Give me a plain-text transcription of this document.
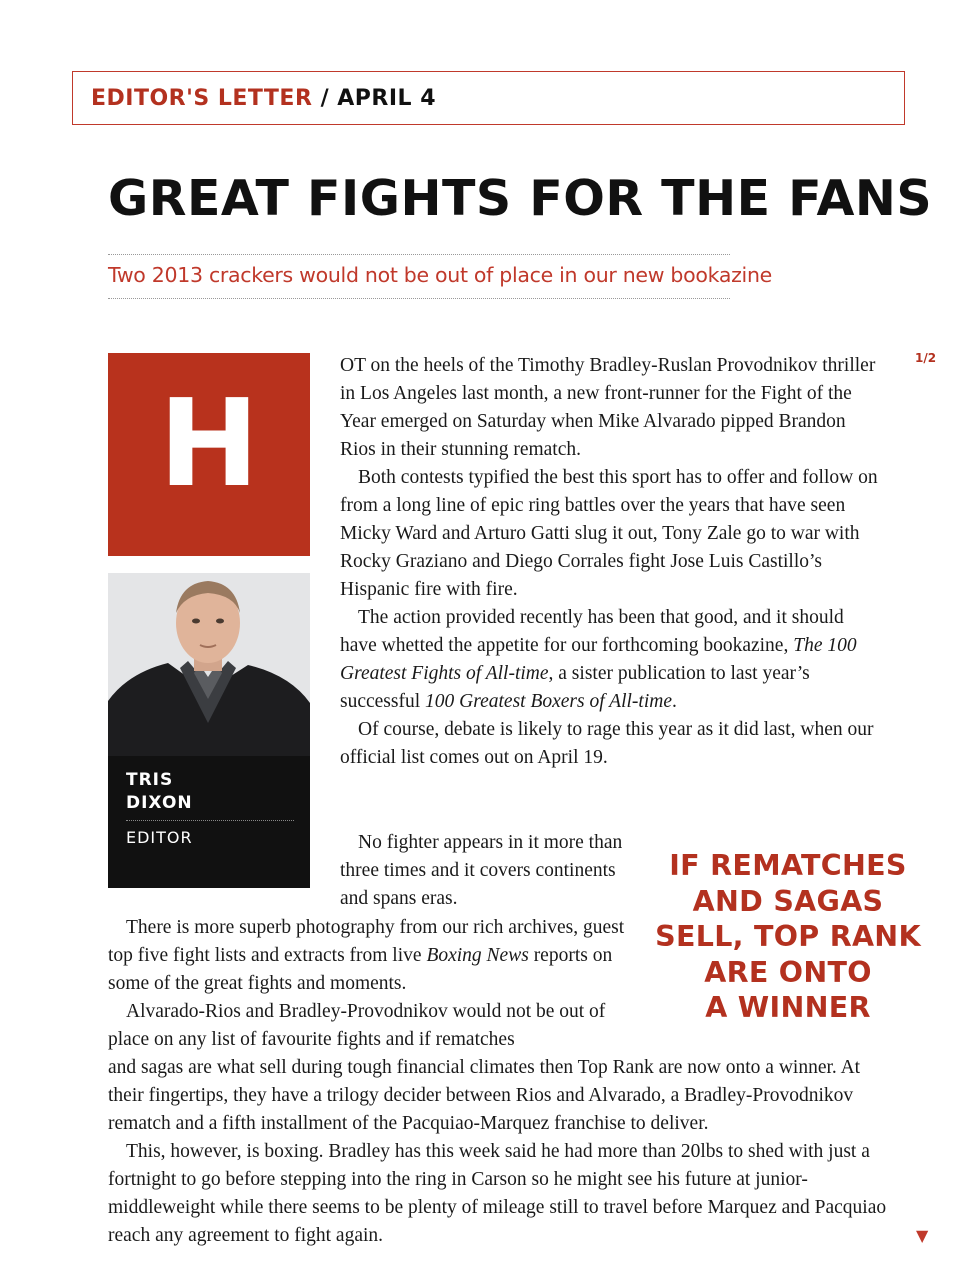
EDITOR'S LETTER / APRIL 4
GREAT FIGHTS FOR THE FANS
Two 2013 crackers would not be out of place in our new bookazine
1/2
H
TRIS
DIXON
EDITOR

OT on the heels of the Timothy Bradley-Ruslan Provodnikov thriller in Los Angeles last month, a new front-runner for the Fight of the Year emerged on Saturday when Mike Alvarado pipped Brandon Rios in their stunning rematch.

Both contests typified the best this sport has to offer and follow on from a long line of epic ring battles over the years that have seen Micky Ward and Arturo Gatti slug it out, Tony Zale go to war with Rocky Graziano and Diego Corrales fight Jose Luis Castillo’s Hispanic fire with fire.

The action provided recently has been that good, and it should have whetted the appetite for our forthcoming bookazine, The 100 Greatest Fights of All-time, a sister publication to last year’s successful 100 Greatest Boxers of All-time.

Of course, debate is likely to rage this year as it did last, when our official list comes out on April 19.

No fighter appears in it more than three times and it covers continents and spans eras.

There is more superb photography from our rich archives, guest top five fight lists and extracts from live Boxing News reports on some of the great fights and moments.

Alvarado-Rios and Bradley-Provodnikov would not be out of place on any list of favourite fights and if rematches

and sagas are what sell during tough financial climates then Top Rank are now onto a winner. At their fingertips, they have a trilogy decider between Rios and Alvarado, a Bradley-Provodnikov rematch and a fifth installment of the Pacquiao-Marquez franchise to deliver.

This, however, is boxing. Bradley has this week said he had more than 20lbs to shed with just a fortnight to go before stepping into the ring in Carson so he might see his future at junior-middleweight while there seems to be plenty of mileage still to travel before Marquez and Pacquiao reach any agreement to fight again.

IF REMATCHES
AND SAGAS
SELL, TOP RANK
ARE ONTO
A WINNER
▼
